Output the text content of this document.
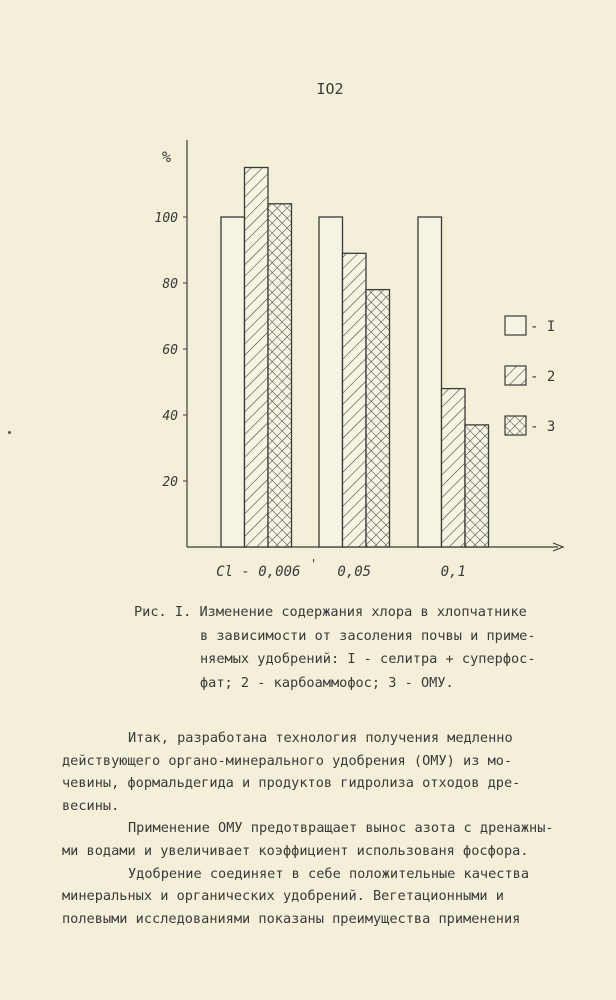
IO2
%
20
40
60
80
100
Cl - 0,006	0,05	0,1
'
- I
- 2
- 3
Рис. I. Изменение содержания хлора в хлопчатнике
в зависимости от засоления почвы и приме-
няемых удобрений: I - селитра + суперфос-
фат; 2 - карбоаммофос; 3 - ОМУ.
Итак, разработана технология получения медленно
действующего органо-минерального удобрения (ОМУ) из мо-
чевины, формальдегида и продуктов гидролиза отходов дре-
весины.
Применение ОМУ предотвращает вынос азота с дренажны-
ми водами и увеличивает коэффициент использованя фосфора.
Удобрение соединяет в себе положительные качества
минеральных и органических удобрений. Вегетационными и
полевыми исследованиями показаны преимущества применения
